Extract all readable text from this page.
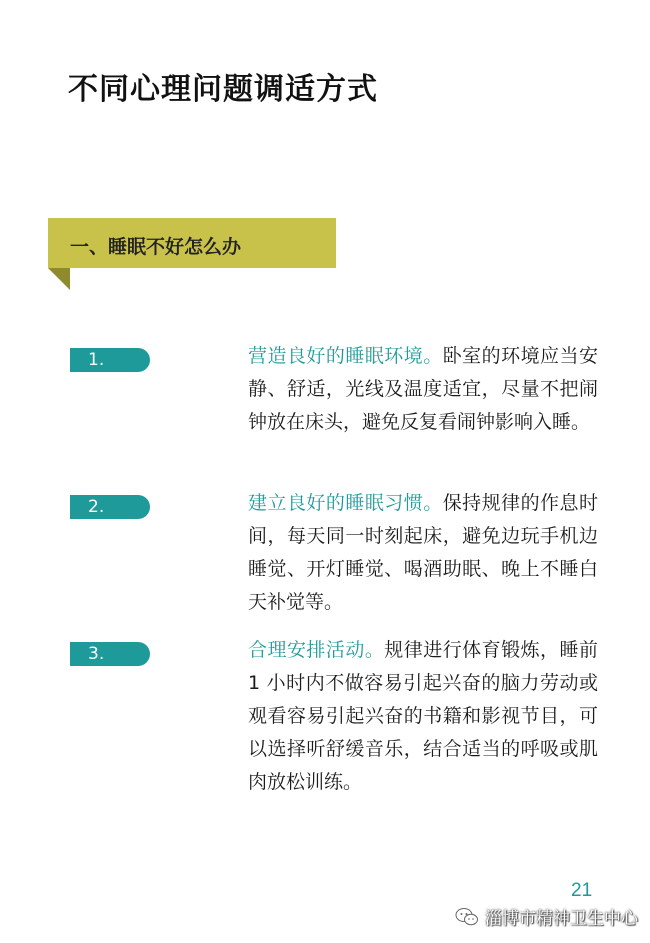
不同心理问题调适方式
一、睡眠不好怎么办
1.	营造良好的睡眠环境。卧室的环境应当安静、舒适，光线及温度适宜，尽量不把闹钟放在床头，避免反复看闹钟影响入睡。
2.	建立良好的睡眠习惯。保持规律的作息时间，每天同一时刻起床，避免边玩手机边睡觉、开灯睡觉、喝酒助眠、晚上不睡白天补觉等。
3.	合理安排活动。规律进行体育锻炼，睡前 1 小时内不做容易引起兴奋的脑力劳动或观看容易引起兴奋的书籍和影视节目，可以选择听舒缓音乐，结合适当的呼吸或肌肉放松训练。
21
淄博市精神卫生中心
